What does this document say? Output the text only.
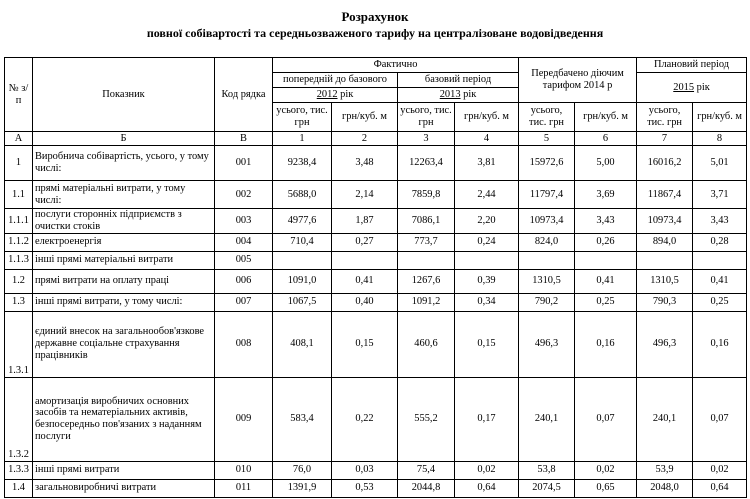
Розрахунок
повної собівартості та середньозваженого тарифу на централізоване водовідведення
№ з/п	Показник	Код рядка	Фактично				Передбачено діючим тарифом 2014 р		Плановий період	
			попередній до базового		базовий період				2015 рік	
			2012 рік		2013 рік					
			усього, тис. грн	грн/куб. м	усього, тис. грн	грн/куб. м	усього, тис. грн	грн/куб. м	усього, тис. грн	грн/куб. м
А	Б	В	1	2	3	4	5	6	7	8
1	Виробнича собівартість, усього, у тому числі:	001	9238,4	3,48	12263,4	3,81	15972,6	5,00	16016,2	5,01
1.1	прямі матеріальні витрати, у тому числі:	002	5688,0	2,14	7859,8	2,44	11797,4	3,69	11867,4	3,71
1.1.1	послуги сторонніх підприємств з очистки стоків	003	4977,6	1,87	7086,1	2,20	10973,4	3,43	10973,4	3,43
1.1.2	електроенергія	004	710,4	0,27	773,7	0,24	824,0	0,26	894,0	0,28
1.1.3	інші прямі матеріальні витрати	005								
1.2	прямі витрати на оплату праці	006	1091,0	0,41	1267,6	0,39	1310,5	0,41	1310,5	0,41
1.3	інші прямі витрати, у тому числі:	007	1067,5	0,40	1091,2	0,34	790,2	0,25	790,3	0,25
1.3.1	єдиний внесок на загальнообов'язкове державне соціальне страхування працівників	008	408,1	0,15	460,6	0,15	496,3	0,16	496,3	0,16
1.3.2	амортизація виробничих основних засобів та нематеріальних активів, безпосередньо пов'язаних з наданням послуги	009	583,4	0,22	555,2	0,17	240,1	0,07	240,1	0,07
1.3.3	інші прямі витрати	010	76,0	0,03	75,4	0,02	53,8	0,02	53,9	0,02
1.4	загальновиробничі витрати	011	1391,9	0,53	2044,8	0,64	2074,5	0,65	2048,0	0,64
